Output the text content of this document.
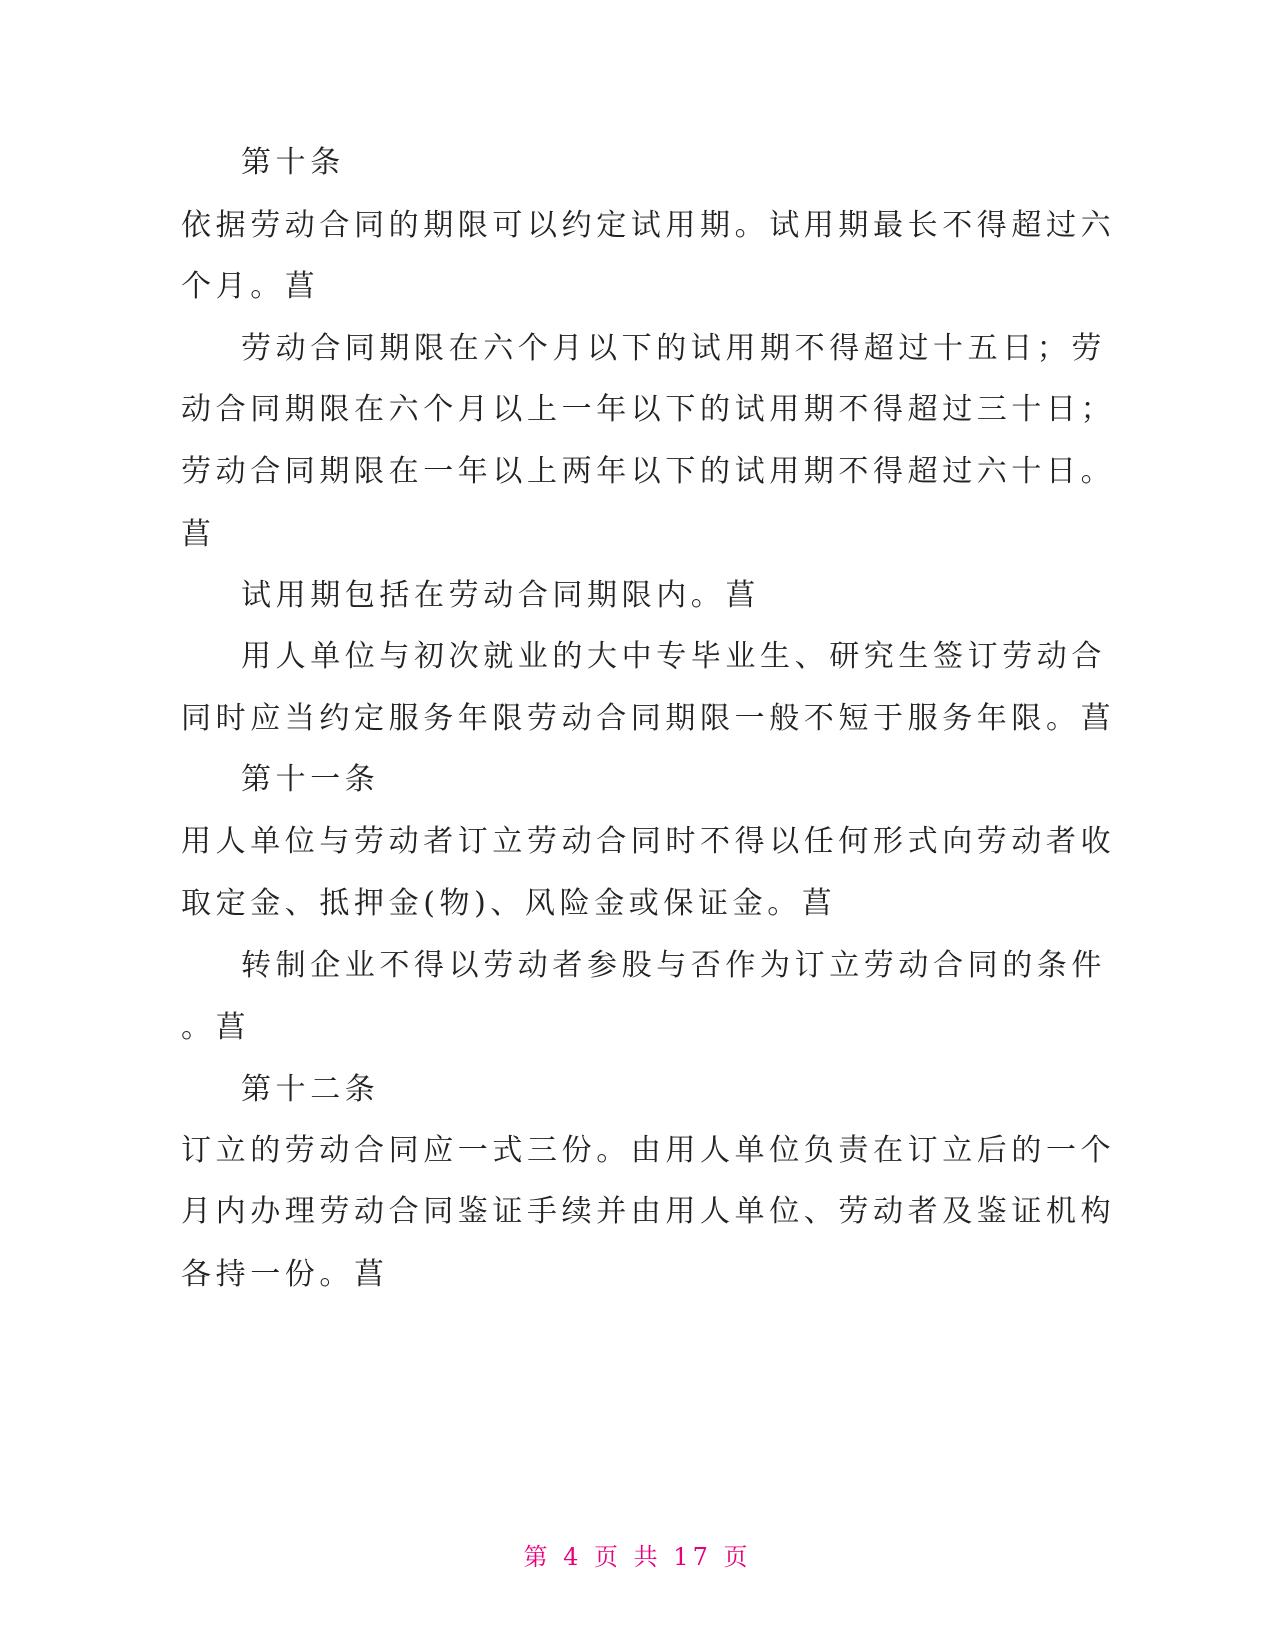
第十条
依据劳动合同的期限可以约定试用期。试用期最长不得超过六
个月。菖
劳动合同期限在六个月以下的试用期不得超过十五日；劳
动合同期限在六个月以上一年以下的试用期不得超过三十日；
劳动合同期限在一年以上两年以下的试用期不得超过六十日。
菖
试用期包括在劳动合同期限内。菖
用人单位与初次就业的大中专毕业生、研究生签订劳动合
同时应当约定服务年限劳动合同期限一般不短于服务年限。菖
第十一条
用人单位与劳动者订立劳动合同时不得以任何形式向劳动者收
取定金、抵押金(物)、风险金或保证金。菖
转制企业不得以劳动者参股与否作为订立劳动合同的条件
。菖
第十二条
订立的劳动合同应一式三份。由用人单位负责在订立后的一个
月内办理劳动合同鉴证手续并由用人单位、劳动者及鉴证机构
各持一份。菖
第 4 页 共 17 页
